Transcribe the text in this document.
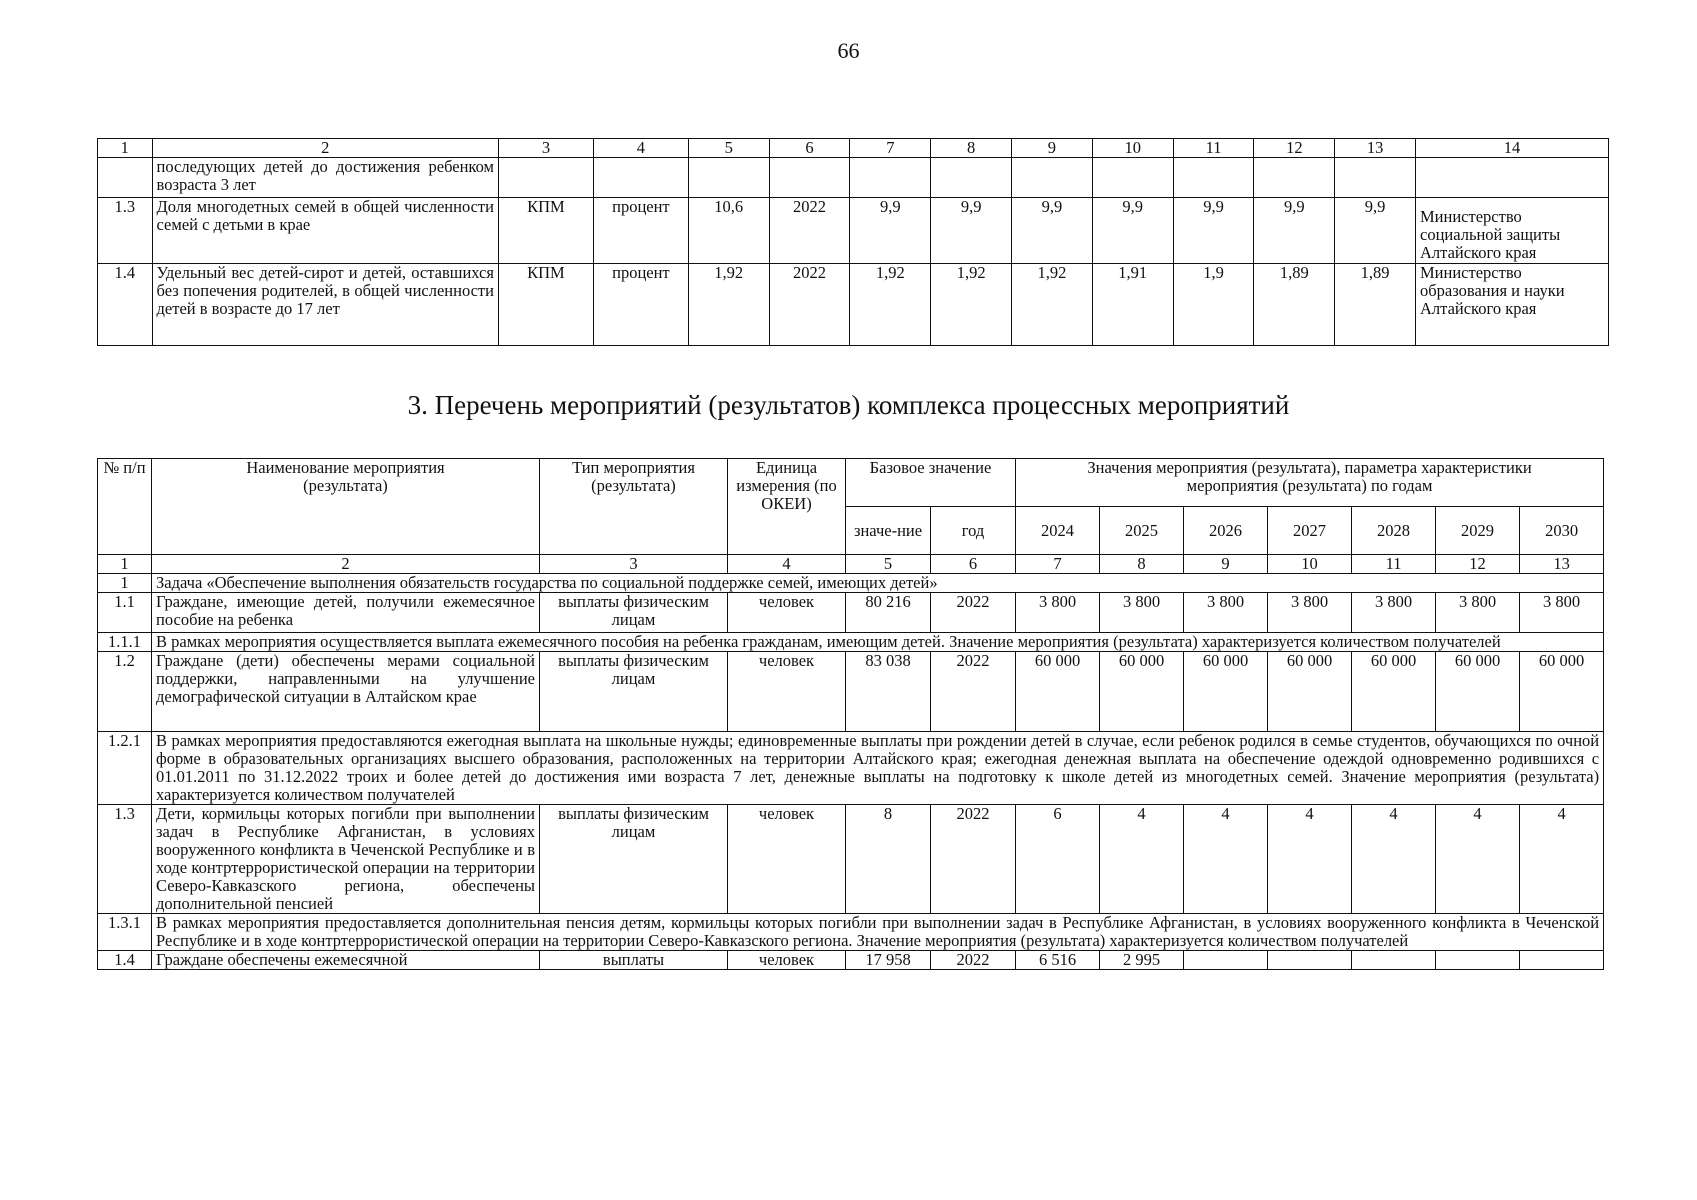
66
1	2	3	4	5	6	7	8	9	10	11	12	13	14
	последующих детей до достижения ребенком возраста 3 лет												
1.3	Доля многодетных семей в общей численности семей с детьми в крае	КПМ	процент	10,6	2022	9,9	9,9	9,9	9,9	9,9	9,9	9,9	Министерство социальной защиты Алтайского края
1.4	Удельный вес детей-сирот и детей, оставшихся без попечения родителей, в общей численности детей в возрасте до 17 лет	КПМ	процент	1,92	2022	1,92	1,92	1,92	1,91	1,9	1,89	1,89	Министерство образования и науки Алтайского края
3. Перечень мероприятий (результатов) комплекса процессных мероприятий
№ п/п	Наименование мероприятия (результата)	Тип мероприятия (результата)	Единица измерения (по ОКЕИ)	Базовое значение		Значения мероприятия (результата), параметра характеристики мероприятия (результата) по годам						
				значе-ние	год	2024	2025	2026	2027	2028	2029	2030
1	2	3	4	5	6	7	8	9	10	11	12	13
1	Задача «Обеспечение выполнения обязательств государства по социальной поддержке семей, имеющих детей»											
1.1	Граждане, имеющие детей, получили ежемесячное пособие на ребенка	выплаты физическим лицам	человек	80 216	2022	3 800	3 800	3 800	3 800	3 800	3 800	3 800
1.1.1	В рамках мероприятия осуществляется выплата ежемесячного пособия на ребенка гражданам, имеющим детей. Значение мероприятия (результата) характеризуется количеством получателей											
1.2	Граждане (дети) обеспечены мерами социальной поддержки, направленными на улучшение демографической ситуации в Алтайском крае	выплаты физическим лицам	человек	83 038	2022	60 000	60 000	60 000	60 000	60 000	60 000	60 000
1.2.1	В рамках мероприятия предоставляются ежегодная выплата на школьные нужды; единовременные выплаты при рождении детей в случае, если ребенок родился в семье студентов, обучающихся по очной форме в образовательных организациях высшего образования, расположенных на территории Алтайского края; ежегодная денежная выплата на обеспечение одеждой одновременно родившихся с 01.01.2011 по 31.12.2022 троих и более детей до достижения ими возраста 7 лет, денежные выплаты на подготовку к школе детей из многодетных семей. Значение мероприятия (результата) характеризуется количеством получателей											
1.3	Дети, кормильцы которых погибли при выполнении задач в Республике Афганистан, в условиях вооруженного конфликта в Чеченской Республике и в ходе контртеррористической операции на территории Северо-Кавказского региона, обеспечены дополнительной пенсией	выплаты физическим лицам	человек	8	2022	6	4	4	4	4	4	4
1.3.1	В рамках мероприятия предоставляется дополнительная пенсия детям, кормильцы которых погибли при выполнении задач в Республике Афганистан, в условиях вооруженного конфликта в Чеченской Республике и в ходе контртеррористической операции на территории Северо-Кавказского региона. Значение мероприятия (результата) характеризуется количеством получателей											
1.4	Граждане обеспечены ежемесячной	выплаты	человек	17 958	2022	6 516	2 995					
